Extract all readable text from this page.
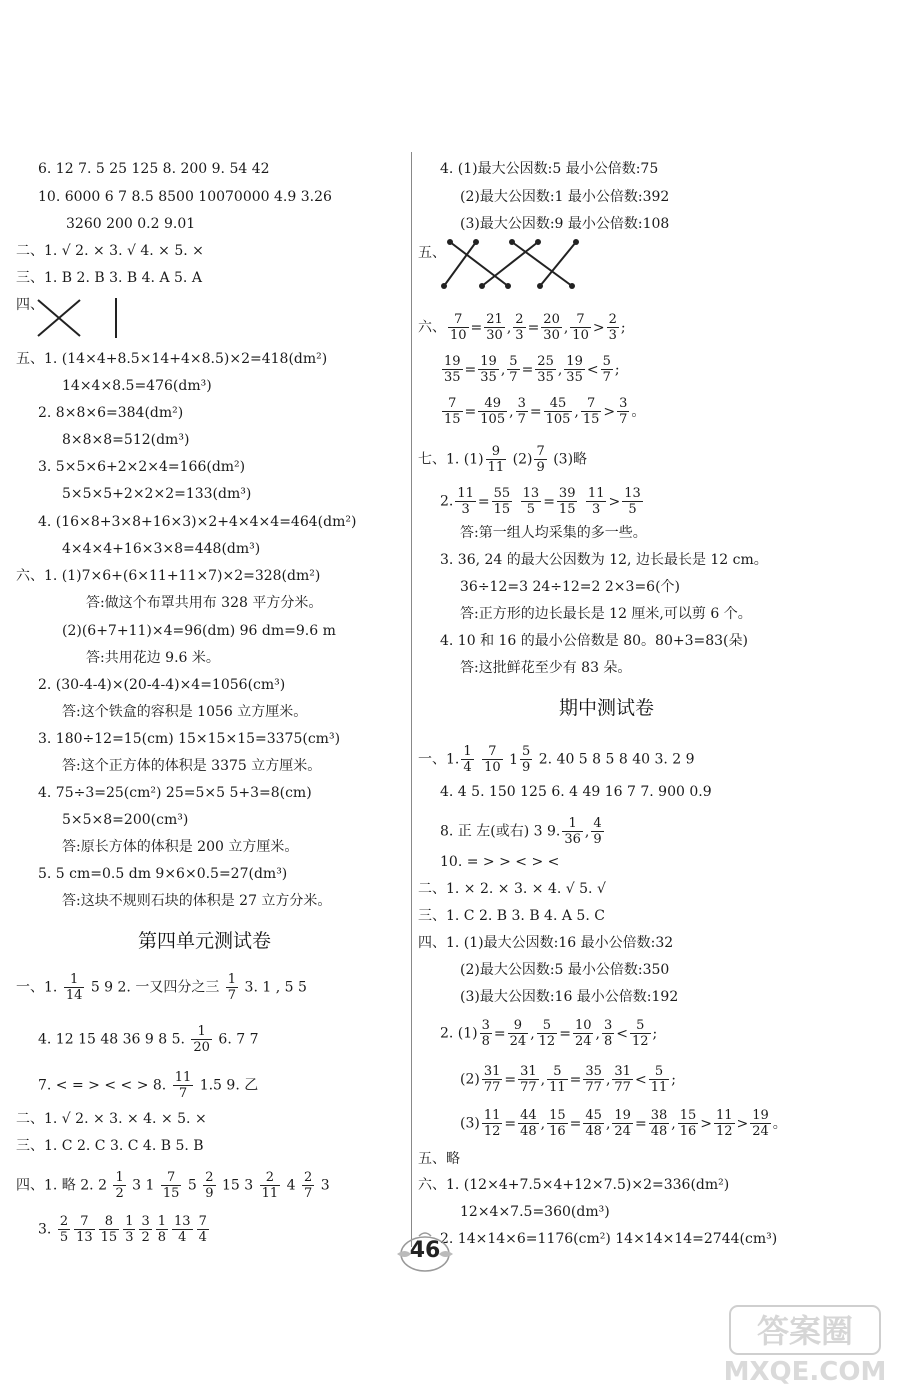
6. 12 7. 5 25 125 8. 200 9. 54 42
10. 6000 6 7 8.5 8500 10070000 4.9 3.26
3260 200 0.2 9.01
二、1. √ 2. × 3. √ 4. × 5. ×
三、1. B 2. B 3. B 4. A 5. A
四、
五、1. (14×4+8.5×14+4×8.5)×2=418(dm²)
14×4×8.5=476(dm³)
2. 8×8×6=384(dm²)
8×8×8=512(dm³)
3. 5×5×6+2×2×4=166(dm²)
5×5×5+2×2×2=133(dm³)
4. (16×8+3×8+16×3)×2+4×4×4=464(dm²)
4×4×4+16×3×8=448(dm³)
六、1. (1)7×6+(6×11+11×7)×2=328(dm²)
答:做这个布罩共用布 328 平方分米。
(2)(6+7+11)×4=96(dm) 96 dm=9.6 m
答:共用花边 9.6 米。
2. (30-4-4)×(20-4-4)×4=1056(cm³)
答:这个铁盒的容积是 1056 立方厘米。
3. 180÷12=15(cm) 15×15×15=3375(cm³)
答:这个正方体的体积是 3375 立方厘米。
4. 75÷3=25(cm²) 25=5×5 5+3=8(cm)
5×5×8=200(cm³)
答:原长方体的体积是 200 立方厘米。
5. 5 cm=0.5 dm 9×6×0.5=27(dm³)
答:这块不规则石块的体积是 27 立方分米。
第四单元测试卷
一、1. $\frac{1}{14} 5$ 9 2. 一又四分之三 $\frac{1}{7} 3$. 1 , 5 5
4. 12 15 48 36 9 8 5. $\frac{1}{20} 6$. 7 7
7. < = > < < > 8. $\frac{11}{7} 1.5$ 9. 乙
二、1. √ 2. × 3. × 4. × 5. ×
三、1. C 2. C 3. C 4. B 5. B
四、1. 略 2. $2 \frac{1}{2} 3$ $1 \frac{7}{15} 5 \frac{2}{9} 15$ $3 \frac{2}{11} 4 \frac{2}{7} 3$
3. $\frac{2}{5} \frac{7}{13} \frac{8}{15} \frac{1}{3} \frac{3}{2} \frac{1}{8} \frac{13}{4} \frac{7}{4}$
4. (1)最大公因数:5 最小公倍数:75
(2)最大公因数:1 最小公倍数:392
(3)最大公因数:9 最小公倍数:108
五、
六、 $\frac{7}{10} = \frac{21}{30}$ , $\frac{2}{3} = \frac{20}{30}$ , $\frac{7}{10} > \frac{2}{3}$ ;
$\frac{19}{35} = \frac{19}{35}$ , $\frac{5}{7} = \frac{25}{35}$ , $\frac{19}{35} < \frac{5}{7}$ ;
$\frac{7}{15} = \frac{49}{105}$ , $\frac{3}{7} = \frac{45}{105}$ , $\frac{7}{15} > \frac{3}{7}$ 。
七、1. $(1) \frac{9}{11} (2) \frac{7}{9} (3)$略
2. $\frac{11}{3} = \frac{55}{15}$
$\frac{13}{5} = \frac{39}{15}$
$\frac{11}{3} > \frac{13}{5}$
答:第一组人均采集的多一些。
3. 36, 24 的最大公因数为 12, 边长最长是 12 cm。
36÷12=3 24÷12=2 2×3=6(个)
答:正方形的边长最长是 12 厘米,可以剪 6 个。
4. 10 和 16 的最小公倍数是 80。80+3=83(朵)
答:这批鲜花至少有 83 朵。
期中测试卷
一、1. $\frac{1}{4}$
$\frac{7}{10} 1 \frac{5}{9} 2$. 40 5 8 5 8 40 3. 2 9
4. 4 5. 150 125 6. 4 49 16 7 7. 900 0.9
8. 正 左(或右) 3 9. $\frac{1}{36}$ , $\frac{4}{9}$
10. = > > < > <
二、1. × 2. × 3. × 4. √ 5. √
三、1. C 2. B 3. B 4. A 5. C
四、1. (1)最大公因数:16 最小公倍数:32
(2)最大公因数:5 最小公倍数:350
(3)最大公因数:16 最小公倍数:192
2. $(1) \frac{3}{8} = \frac{9}{24}$ , $\frac{5}{12} = \frac{10}{24}$ , $\frac{3}{8} < \frac{5}{12}$ ;
$(2) \frac{31}{77} = \frac{31}{77}$ , $\frac{5}{11} = \frac{35}{77}$ , $\frac{31}{77} < \frac{5}{11}$ ;
$(3) \frac{11}{12} = \frac{44}{48}$ , $\frac{15}{16} = \frac{45}{48}$ , $\frac{19}{24} = \frac{38}{48}$ , $\frac{15}{16} > \frac{11}{12} > \frac{19}{24}$ 。
五、略
六、1. (12×4+7.5×4+12×7.5)×2=336(dm²)
12×4×7.5=360(dm³)
2. 14×14×6=1176(cm²) 14×14×14=2744(cm³)
46
答案圈
MXQE.COM
